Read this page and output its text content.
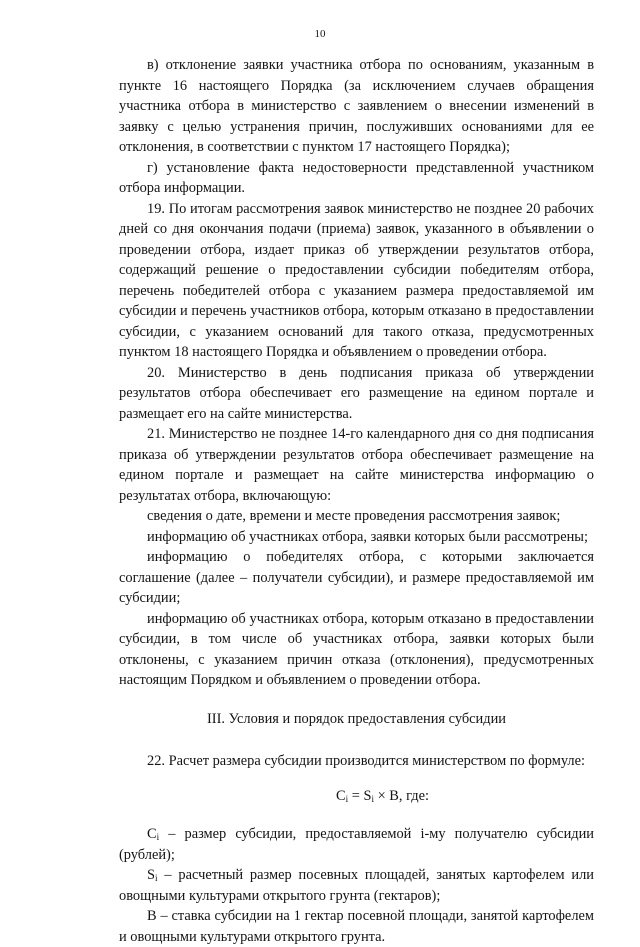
10

в) отклонение заявки участника отбора по основаниям, указанным в пункте 16 настоящего Порядка (за исключением случаев обращения участника отбора в министерство с заявлением о внесении изменений в заявку с целью устранения причин, послуживших основаниями для ее отклонения, в соответствии с пунктом 17 настоящего Порядка);

г) установление факта недостоверности представленной участником отбора информации.

19. По итогам рассмотрения заявок министерство не позднее 20 рабочих дней со дня окончания подачи (приема) заявок, указанного в объявлении о проведении отбора, издает приказ об утверждении результатов отбора, содержащий решение о предоставлении субсидии победителям отбора, перечень победителей отбора с указанием размера предоставляемой им субсидии и перечень участников отбора, которым отказано в предоставлении субсидии, с указанием оснований для такого отказа, предусмотренных пунктом 18 настоящего Порядка и объявлением о проведении отбора.

20. Министерство в день подписания приказа об утверждении результатов отбора обеспечивает его размещение на едином портале и размещает его на сайте министерства.

21. Министерство не позднее 14-го календарного дня со дня подписания приказа об утверждении результатов отбора обеспечивает размещение на едином портале и размещает на сайте министерства информацию о результатах отбора, включающую:

сведения о дате, времени и месте проведения рассмотрения заявок;

информацию об участниках отбора, заявки которых были рассмотрены;

информацию о победителях отбора, с которыми заключается соглашение (далее – получатели субсидии), и размере предоставляемой им субсидии;

информацию об участниках отбора, которым отказано в предоставлении субсидии, в том числе об участниках отбора, заявки которых были отклонены, с указанием причин отказа (отклонения), предусмотренных настоящим Порядком и объявлением о проведении отбора.

III. Условия и порядок предоставления субсидии

22. Расчет размера субсидии производится министерством по формуле:

$C_i = S_i \times B$, где:

$C_i$ – размер субсидии, предоставляемой i-му получателю субсидии (рублей);

$S_i$ – расчетный размер посевных площадей, занятых картофелем или овощными культурами открытого грунта (гектаров);

B – ставка субсидии на 1 гектар посевной площади, занятой картофелем и овощными культурами открытого грунта.
